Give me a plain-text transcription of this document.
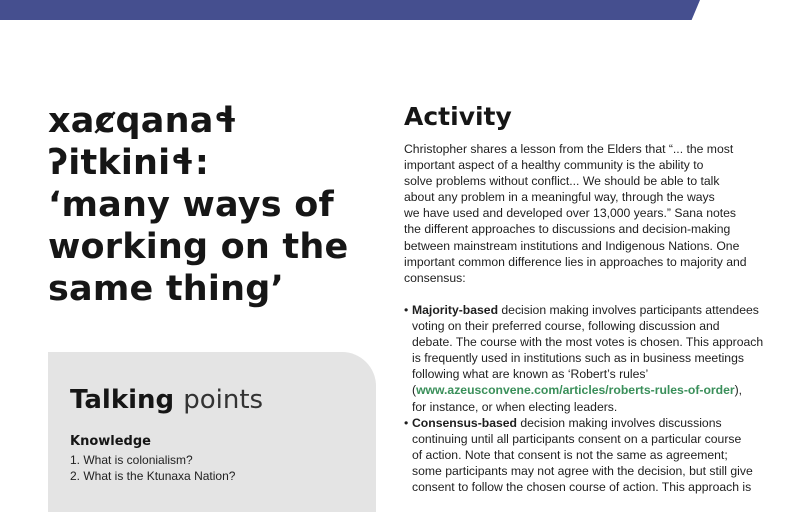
xaȼqanaɬ
ʔitkiniɬ:
‘many ways of
working on the
same thing’
Talking points
Knowledge
1. What is colonialism?
2. What is the Ktunaxa Nation?
Activity

Christopher shares a lesson from the Elders that “... the most
important aspect of a healthy community is the ability to
solve problems without conflict... We should be able to talk
about any problem in a meaningful way, through the ways
we have used and developed over 13,000 years.” Sana notes
the different approaches to discussions and decision-making
between mainstream institutions and Indigenous Nations. One
important common difference lies in approaches to majority and
consensus:

• Majority-based decision making involves participants attendees
voting on their preferred course, following discussion and
debate. The course with the most votes is chosen. This approach
is frequently used in institutions such as in business meetings
following what are known as ‘Robert’s rules’
(www.azeusconvene.com/articles/roberts-rules-of-order),
for instance, or when electing leaders.
• Consensus-based decision making involves discussions
continuing until all participants consent on a particular course
of action. Note that consent is not the same as agreement;
some participants may not agree with the decision, but still give
consent to follow the chosen course of action. This approach is
